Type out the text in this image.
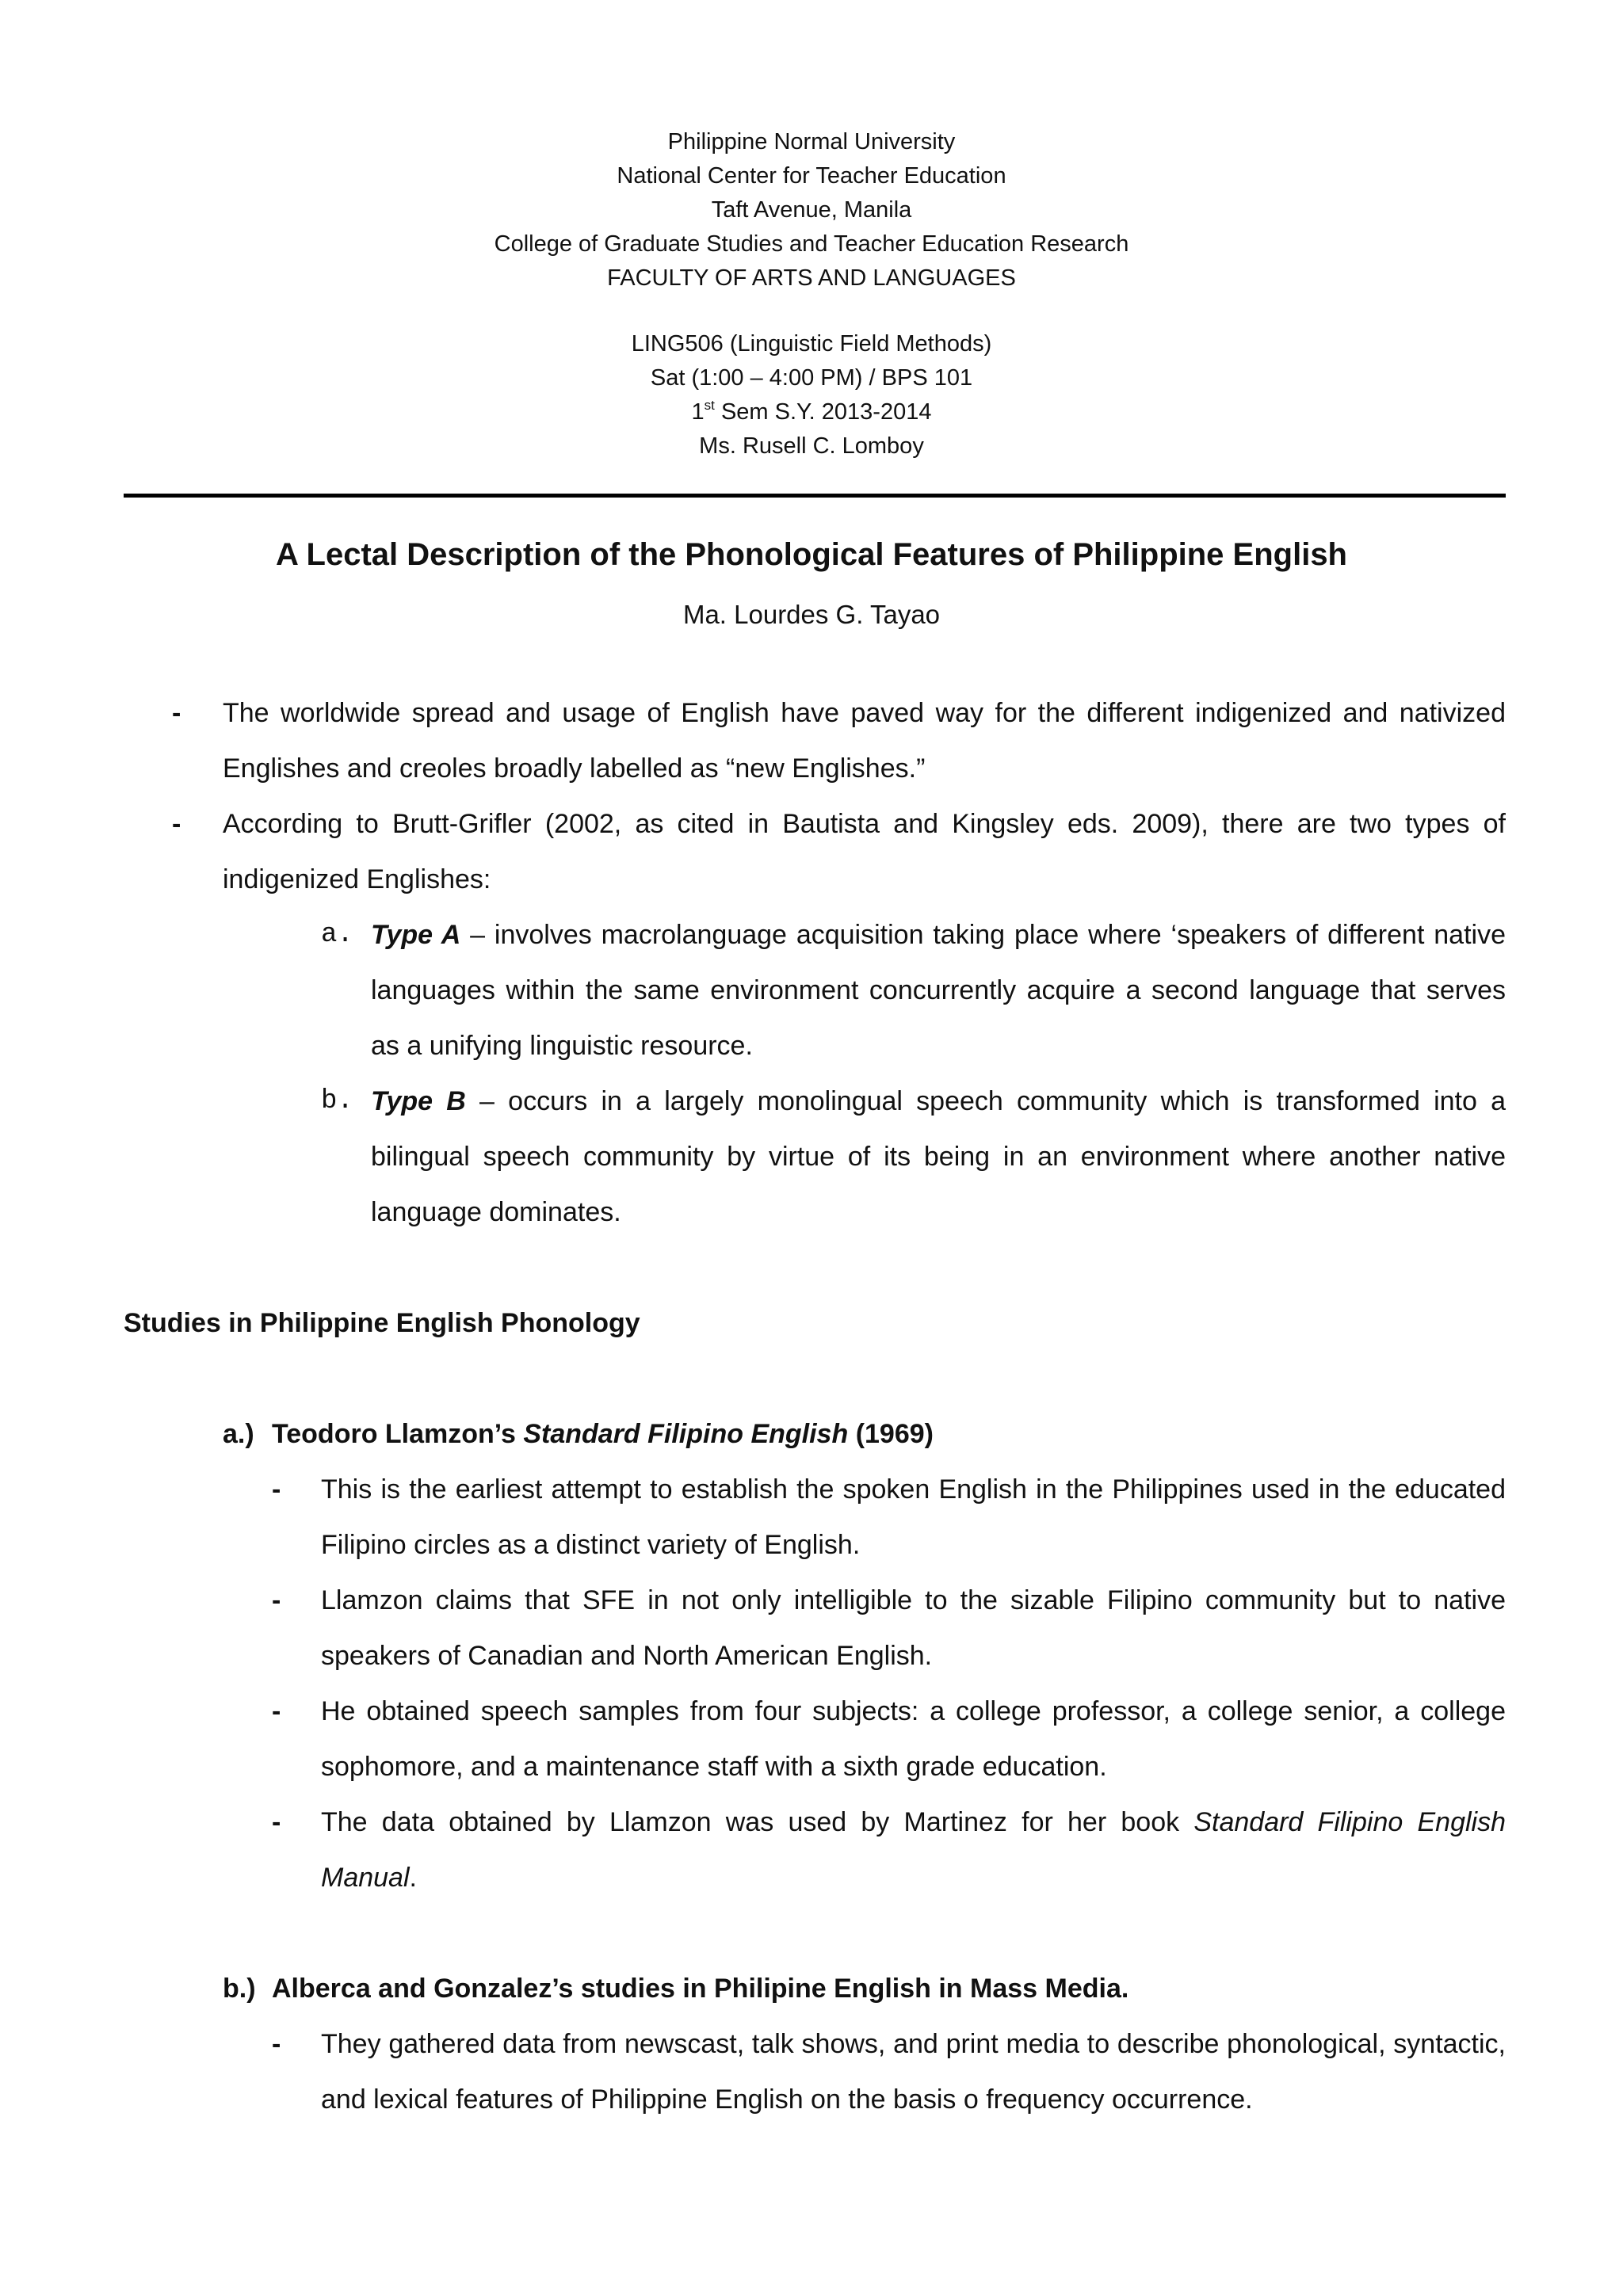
Philippine Normal University
National Center for Teacher Education
Taft Avenue, Manila
College of Graduate Studies and Teacher Education Research
FACULTY OF ARTS AND LANGUAGES
LING506 (Linguistic Field Methods)
Sat (1:00 – 4:00 PM) / BPS 101
1st Sem S.Y. 2013-2014
Ms. Rusell C. Lomboy
A Lectal Description of the Phonological Features of Philippine English
Ma. Lourdes G. Tayao
- The worldwide spread and usage of English have paved way for the different indigenized and nativized Englishes and creoles broadly labelled as “new Englishes.”
- According to Brutt-Grifler (2002, as cited in Bautista and Kingsley eds. 2009), there are two types of indigenized Englishes:
a. Type A – involves macrolanguage acquisition taking place where ‘speakers of different native languages within the same environment concurrently acquire a second language that serves as a unifying linguistic resource.
b. Type B – occurs in a largely monolingual speech community which is transformed into a bilingual speech community by virtue of its being in an environment where another native language dominates.
Studies in Philippine English Phonology
a.) Teodoro Llamzon’s Standard Filipino English (1969)
- This is the earliest attempt to establish the spoken English in the Philippines used in the educated Filipino circles as a distinct variety of English.
- Llamzon claims that SFE in not only intelligible to the sizable Filipino community but to native speakers of Canadian and North American English.
- He obtained speech samples from four subjects: a college professor, a college senior, a college sophomore, and a maintenance staff with a sixth grade education.
- The data obtained by Llamzon was used by Martinez for her book Standard Filipino English Manual.
b.) Alberca and Gonzalez’s studies in Philipine English in Mass Media.
- They gathered data from newscast, talk shows, and print media to describe phonological, syntactic, and lexical features of Philippine English on the basis o frequency occurrence.
